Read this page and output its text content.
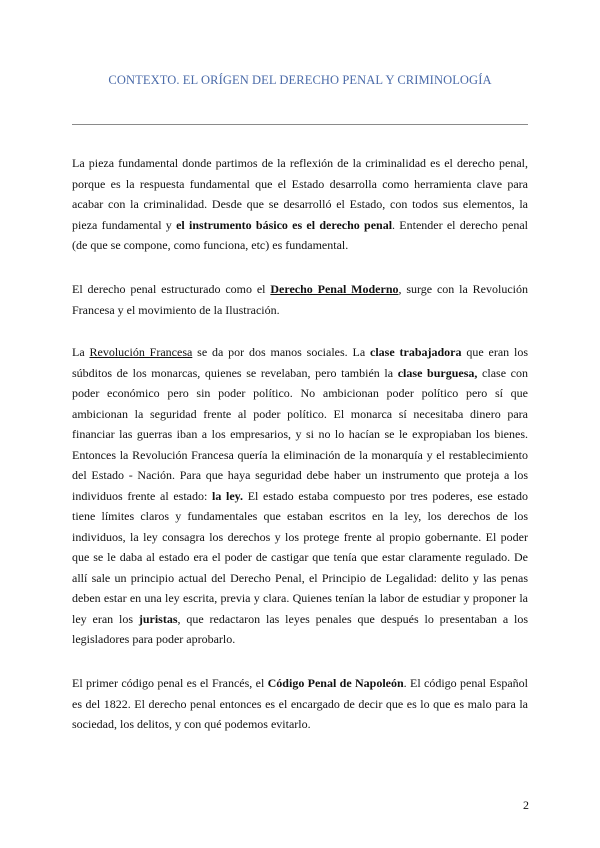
CONTEXTO. EL ORÍGEN DEL DERECHO PENAL Y CRIMINOLOGÍA

La pieza fundamental donde partimos de la reflexión de la criminalidad es el derecho penal, porque es la respuesta fundamental que el Estado desarrolla como herramienta clave para acabar con la criminalidad. Desde que se desarrolló el Estado, con todos sus elementos, la pieza fundamental y el instrumento básico es el derecho penal. Entender el derecho penal (de que se compone, como funciona, etc) es fundamental.

El derecho penal estructurado como el Derecho Penal Moderno, surge con la Revolución Francesa y el movimiento de la Ilustración.

La Revolución Francesa se da por dos manos sociales. La clase trabajadora que eran los súbditos de los monarcas, quienes se revelaban, pero también la clase burguesa, clase con poder económico pero sin poder político. No ambicionan poder político pero sí que ambicionan la seguridad frente al poder político. El monarca sí necesitaba dinero para financiar las guerras iban a los empresarios, y si no lo hacían se le expropiaban los bienes. Entonces la Revolución Francesa quería la eliminación de la monarquía y el restablecimiento del Estado - Nación. Para que haya seguridad debe haber un instrumento que proteja a los individuos frente al estado: la ley. El estado estaba compuesto por tres poderes, ese estado tiene límites claros y fundamentales que estaban escritos en la ley, los derechos de los individuos, la ley consagra los derechos y los protege frente al propio gobernante. El poder que se le daba al estado era el poder de castigar que tenía que estar claramente regulado. De allí sale un principio actual del Derecho Penal, el Principio de Legalidad: delito y las penas deben estar en una ley escrita, previa y clara. Quienes tenían la labor de estudiar y proponer la ley eran los juristas, que redactaron las leyes penales que después lo presentaban a los legisladores para poder aprobarlo.

El primer código penal es el Francés, el Código Penal de Napoleón. El código penal Español es del 1822. El derecho penal entonces es el encargado de decir que es lo que es malo para la sociedad, los delitos, y con qué podemos evitarlo.

2
